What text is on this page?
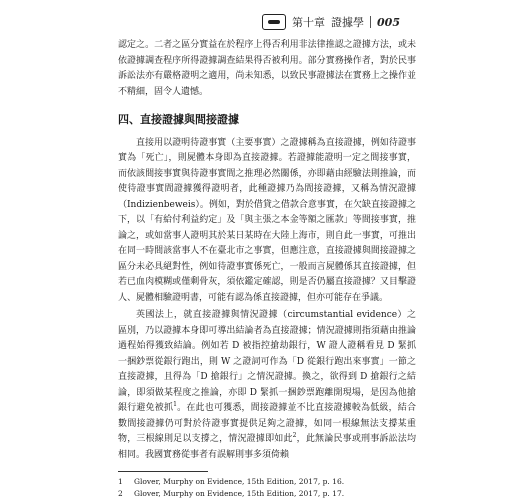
第十章 證據學 005

認定之。二者之區分實益在於程序上得否利用非法律推認之證據方法，或未依證據調查程序所得證據調查結果得否被利用。部分實務操作者，對於民事訴訟法亦有嚴格證明之適用，尚未知悉，以致民事證據法在實務上之操作並不精細，固令人遺憾。

四、直接證據與間接證據

直接用以證明待證事實（主要事實）之證據稱為直接證據，例如待證事實為「死亡」，則屍體本身即為直接證據。若證據能證明一定之間接事實，而依該間接事實與待證事實間之推理必然關係，亦即藉由經驗法則推論，而使待證事實間證據獲得證明者，此種證據乃為間接證據，又稱為情況證據（Indizienbeweis）。例如，對於借貸之借款合意事實，在欠缺直接證據之下，以「有給付利益約定」及「與主張之本金等額之匯款」等間接事實，推論之，或如當事人證明其於某日某時在大陸上海市，則自此一事實，可推出在同一時間該當事人不在臺北市之事實，但應注意，直接證據與間接證據之區分未必具絕對性，例如待證事實係死亡，一般而言屍體係其直接證據，但若已血肉模糊或僅剩骨灰，須依鑑定確認，則是否仍屬直接證據？又目擊證人、屍體相驗證明書，可能有認為係直接證據，但亦可能存在爭議。

英國法上，就直接證據與情況證據（circumstantial evidence）之區別，乃以證據本身即可導出結論者為直接證據；情況證據則指須藉由推論過程始得獲致結論。例如若 D 被指控搶劫銀行，W 證人證稱看見 D 緊抓一捆鈔票從銀行跑出，則 W 之證詞可作為「D 從銀行跑出來事實」一節之直接證據，且得為「D 搶銀行」之情況證據。換之，欲得到 D 搶銀行之結論，即須做某程度之推論，亦即 D 緊抓一捆鈔票跑離開現場，是因為他搶銀行避免被抓$^1$。在此也可獲悉，間接證據並不比直接證據較為低級，結合數間接證據仍可對於待證事實提供足夠之證據，如同一根線無法支撐某重物，三根線則足以支撐之，情況證據即如此$^2$，此無論民事或刑事訴訟法均相同。我國實務從事者有誤解則事多須倚賴

1	Glover, Murphy on Evidence, 15th Edition, 2017, p. 16.
2	Glover, Murphy on Evidence, 15th Edition, 2017, p. 17.
